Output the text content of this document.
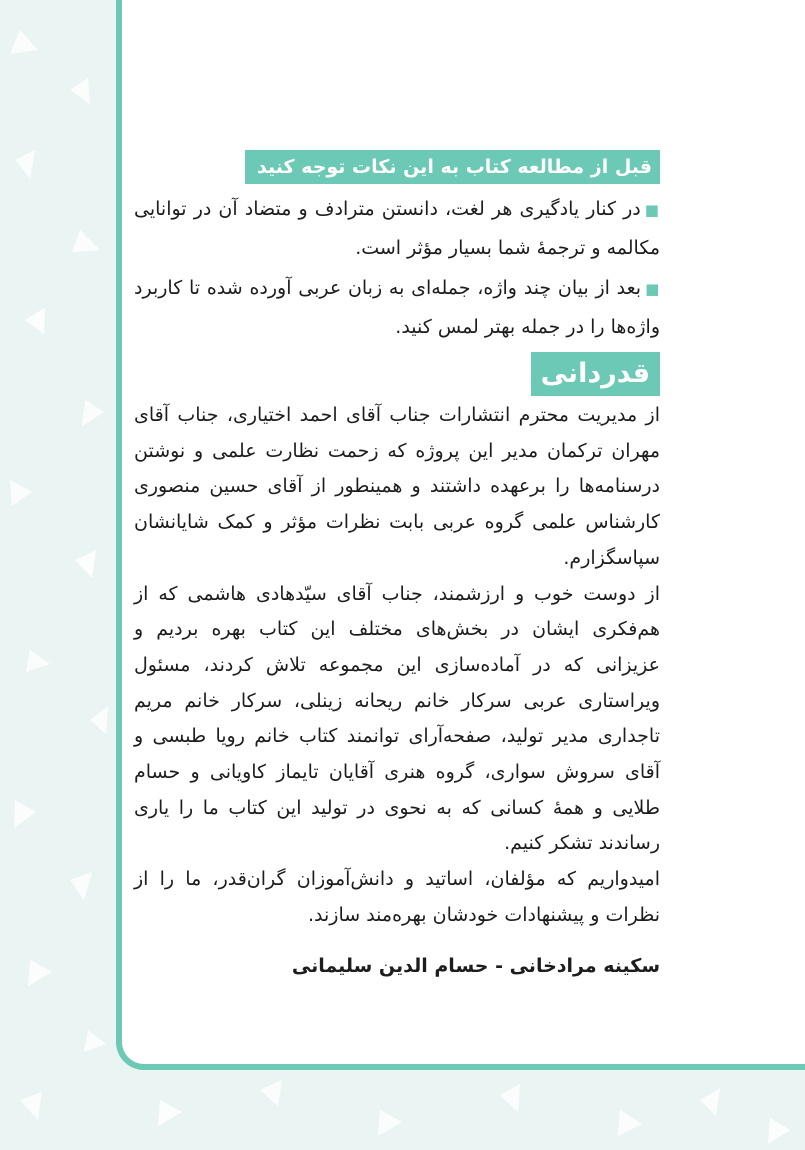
قبل از مطالعه کتاب به این نکات توجه کنید

■در کنار یادگیری هر لغت، دانستن مترادف و متضاد آن در توانایی مکالمه و ترجمهٔ شما بسیار مؤثر است.

■بعد از بیان چند واژه، جمله‌ای به زبان عربی آورده شده تا کاربرد واژه‌ها را در جمله بهتر لمس کنید.

قدردانی

از مدیریت محترم انتشارات جناب آقای احمد اختیاری، جناب آقای مهران ترکمان مدیر این پروژه که زحمت نظارت علمی و نوشتن درسنامه‌ها را برعهده داشتند و همینطور از آقای حسین منصوری کارشناس علمی گروه عربی بابت نظرات مؤثر و کمک شایانشان سپاسگزارم.

از دوست خوب و ارزشمند، جناب آقای سیّدهادی هاشمی که از هم‌فکری ایشان در بخش‌های مختلف این کتاب بهره بردیم و عزیزانی که در آماده‌سازی این مجموعه تلاش کردند، مسئول ویراستاری عربی سرکار خانم ریحانه زینلی، سرکار خانم مریم تاجداری مدیر تولید، صفحه‌آرای توانمند کتاب خانم رویا طبسی و آقای سروش سواری، گروه هنری آقایان تایماز کاویانی و حسام طلایی و همهٔ کسانی که به نحوی در تولید این کتاب ما را یاری رساندند تشکر کنیم.

امیدواریم که مؤلفان، اساتید و دانش‌آموزان گران‌قدر، ما را از نظرات و پیشنهادات خودشان بهره‌مند سازند.

سکینه مرادخانی - حسام الدین سلیمانی
